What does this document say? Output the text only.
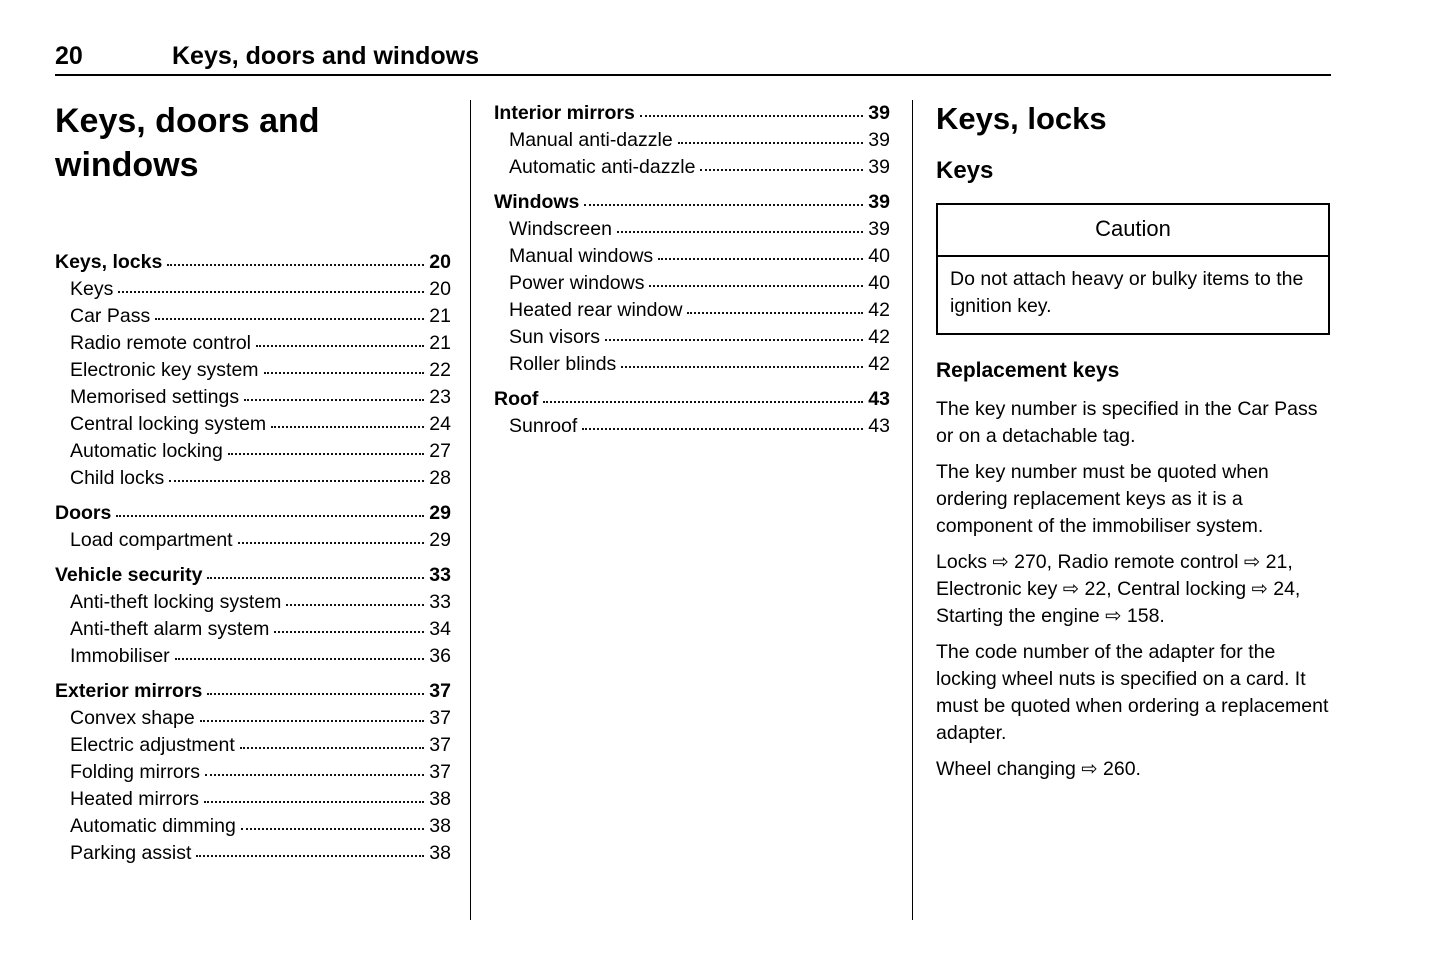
20	Keys, doors and windows
Keys, doors and windows
Keys, locks	20
Keys	20
Car Pass	21
Radio remote control	21
Electronic key system	22
Memorised settings	23
Central locking system	24
Automatic locking	27
Child locks	28
Doors	29
Load compartment	29
Vehicle security	33
Anti-theft locking system	33
Anti-theft alarm system	34
Immobiliser	36
Exterior mirrors	37
Convex shape	37
Electric adjustment	37
Folding mirrors	37
Heated mirrors	38
Automatic dimming	38
Parking assist	38
Interior mirrors	39
Manual anti-dazzle	39
Automatic anti-dazzle	39
Windows	39
Windscreen	39
Manual windows	40
Power windows	40
Heated rear window	42
Sun visors	42
Roller blinds	42
Roof	43
Sunroof	43
Keys, locks
Keys
Caution
Do not attach heavy or bulky items to the ignition key.
Replacement keys

The key number is specified in the Car Pass or on a detachable tag.

The key number must be quoted when ordering replacement keys as it is a component of the immobiliser system.

Locks ⇨ 270, Radio remote control ⇨ 21, Electronic key ⇨ 22, Central locking ⇨ 24, Starting the engine ⇨ 158.

The code number of the adapter for the locking wheel nuts is specified on a card. It must be quoted when ordering a replacement adapter.

Wheel changing ⇨ 260.
